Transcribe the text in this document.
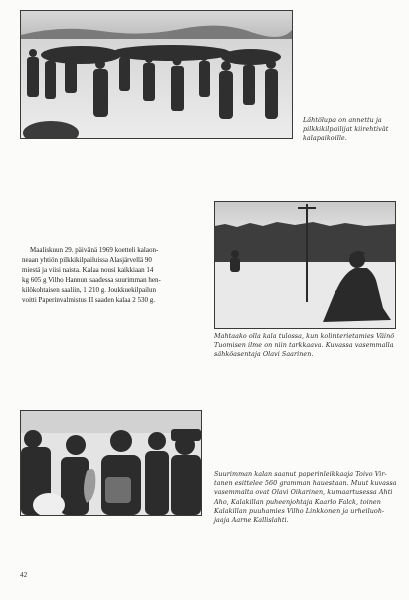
Lähtölupa on annettu ja

pilkkikilpailijat kiirehtivät

kalapaikoille.

Mahtaako olla kala tulossa, kun kolinterietamies Väinö

Tuomisen ilme on niin tarkkaava. Kuvassa vasemmalla

sähköasentaja Olavi Saarinen.

Maaliskuun 29. päivänä 1969 koetteli kalaon-
neaan yhtiön pilkkikilpailuissa Alasjärvellä 90
miestä ja viisi naista. Kalaa nousi kaikkiaan 14
kg 605 g Vilho Hannun saadessa suurimman hen-
kilökohtaisen saaliin, 1 210 g. Joukkuekilpailun
voitti Paperinvalmistus II saaden kalaa 2 530 g.

Suurimman kalan saanut paperinleikkaaja Toivo Vir-

tanen esittelee 560 gramman hauestaan. Muut kuvassa

vasemmalta ovat Olavi Oikarinen, kumaartusessa Ahti

Aho, Kalakillan puheenjohtaja Kaarlo Falck, toinen

Kalakillan puuhamies Vilho Linkkonen ja urheiluoh-

jaaja Aarne Kallislahti.

42
